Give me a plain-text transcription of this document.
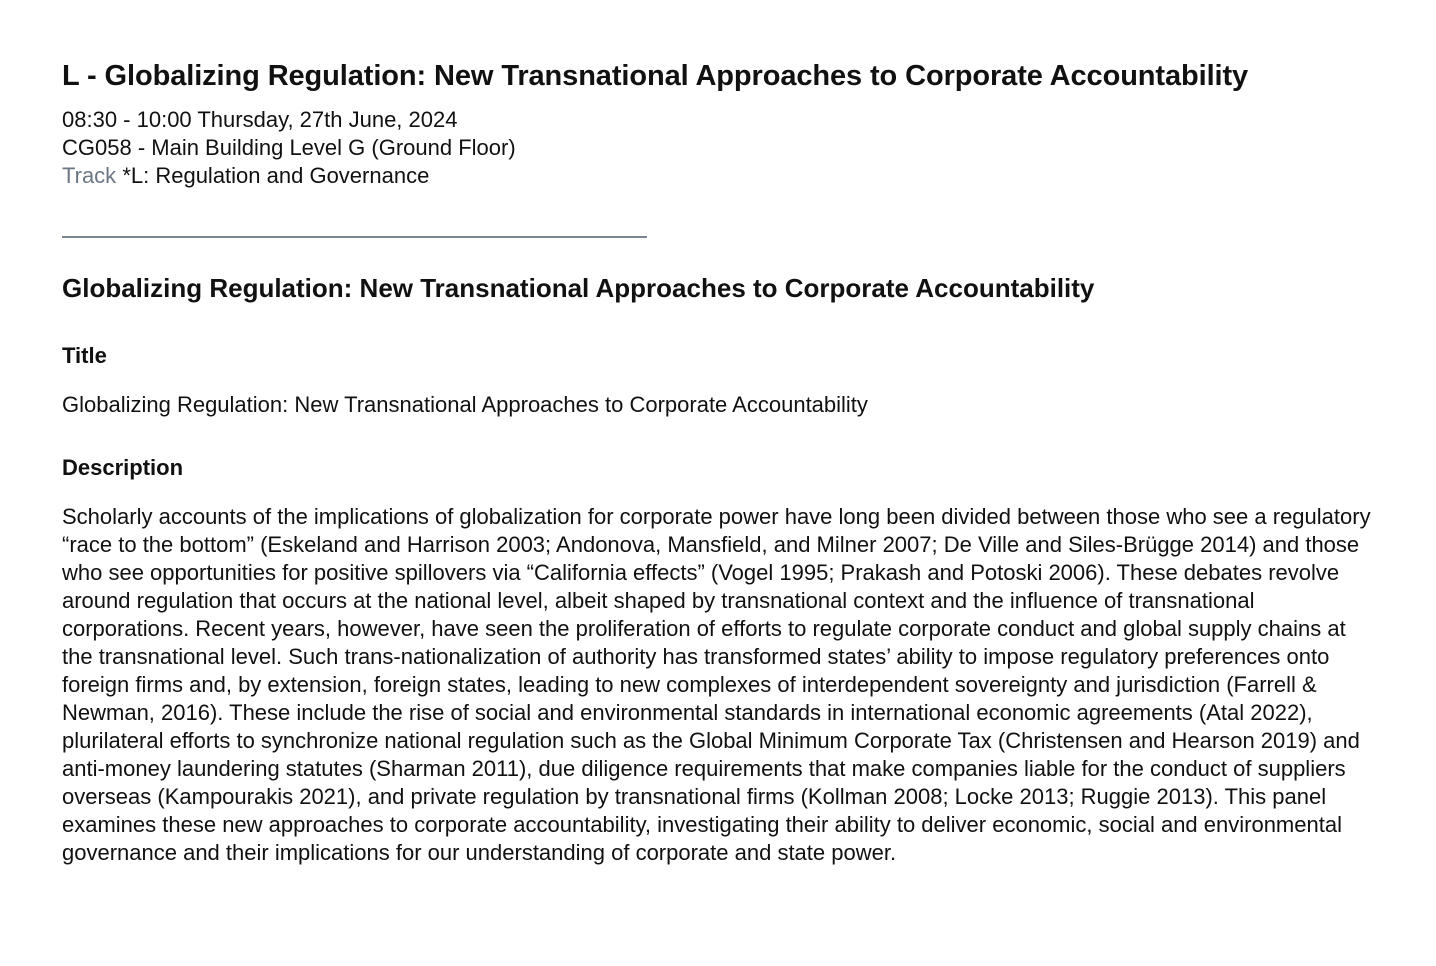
L - Globalizing Regulation: New Transnational Approaches to Corporate Accountability
08:30 - 10:00 Thursday, 27th June, 2024
CG058 - Main Building Level G (Ground Floor)
Track *L: Regulation and Governance
Globalizing Regulation: New Transnational Approaches to Corporate Accountability
Title
Globalizing Regulation: New Transnational Approaches to Corporate Accountability
Description
Scholarly accounts of the implications of globalization for corporate power have long been divided between those who see a regulatory “race to the bottom” (Eskeland and Harrison 2003; Andonova, Mansfield, and Milner 2007; De Ville and Siles-Brügge 2014) and those who see opportunities for positive spillovers via “California effects” (Vogel 1995; Prakash and Potoski 2006). These debates revolve around regulation that occurs at the national level, albeit shaped by transnational context and the influence of transnational corporations. Recent years, however, have seen the proliferation of efforts to regulate corporate conduct and global supply chains at the transnational level. Such trans-nationalization of authority has transformed states’ ability to impose regulatory preferences onto foreign firms and, by extension, foreign states, leading to new complexes of interdependent sovereignty and jurisdiction (Farrell & Newman, 2016). These include the rise of social and environmental standards in international economic agreements (Atal 2022), plurilateral efforts to synchronize national regulation such as the Global Minimum Corporate Tax (Christensen and Hearson 2019) and anti-money laundering statutes (Sharman 2011), due diligence requirements that make companies liable for the conduct of suppliers overseas (Kampourakis 2021), and private regulation by transnational firms (Kollman 2008; Locke 2013; Ruggie 2013). This panel examines these new approaches to corporate accountability, investigating their ability to deliver economic, social and environmental governance and their implications for our understanding of corporate and state power.
